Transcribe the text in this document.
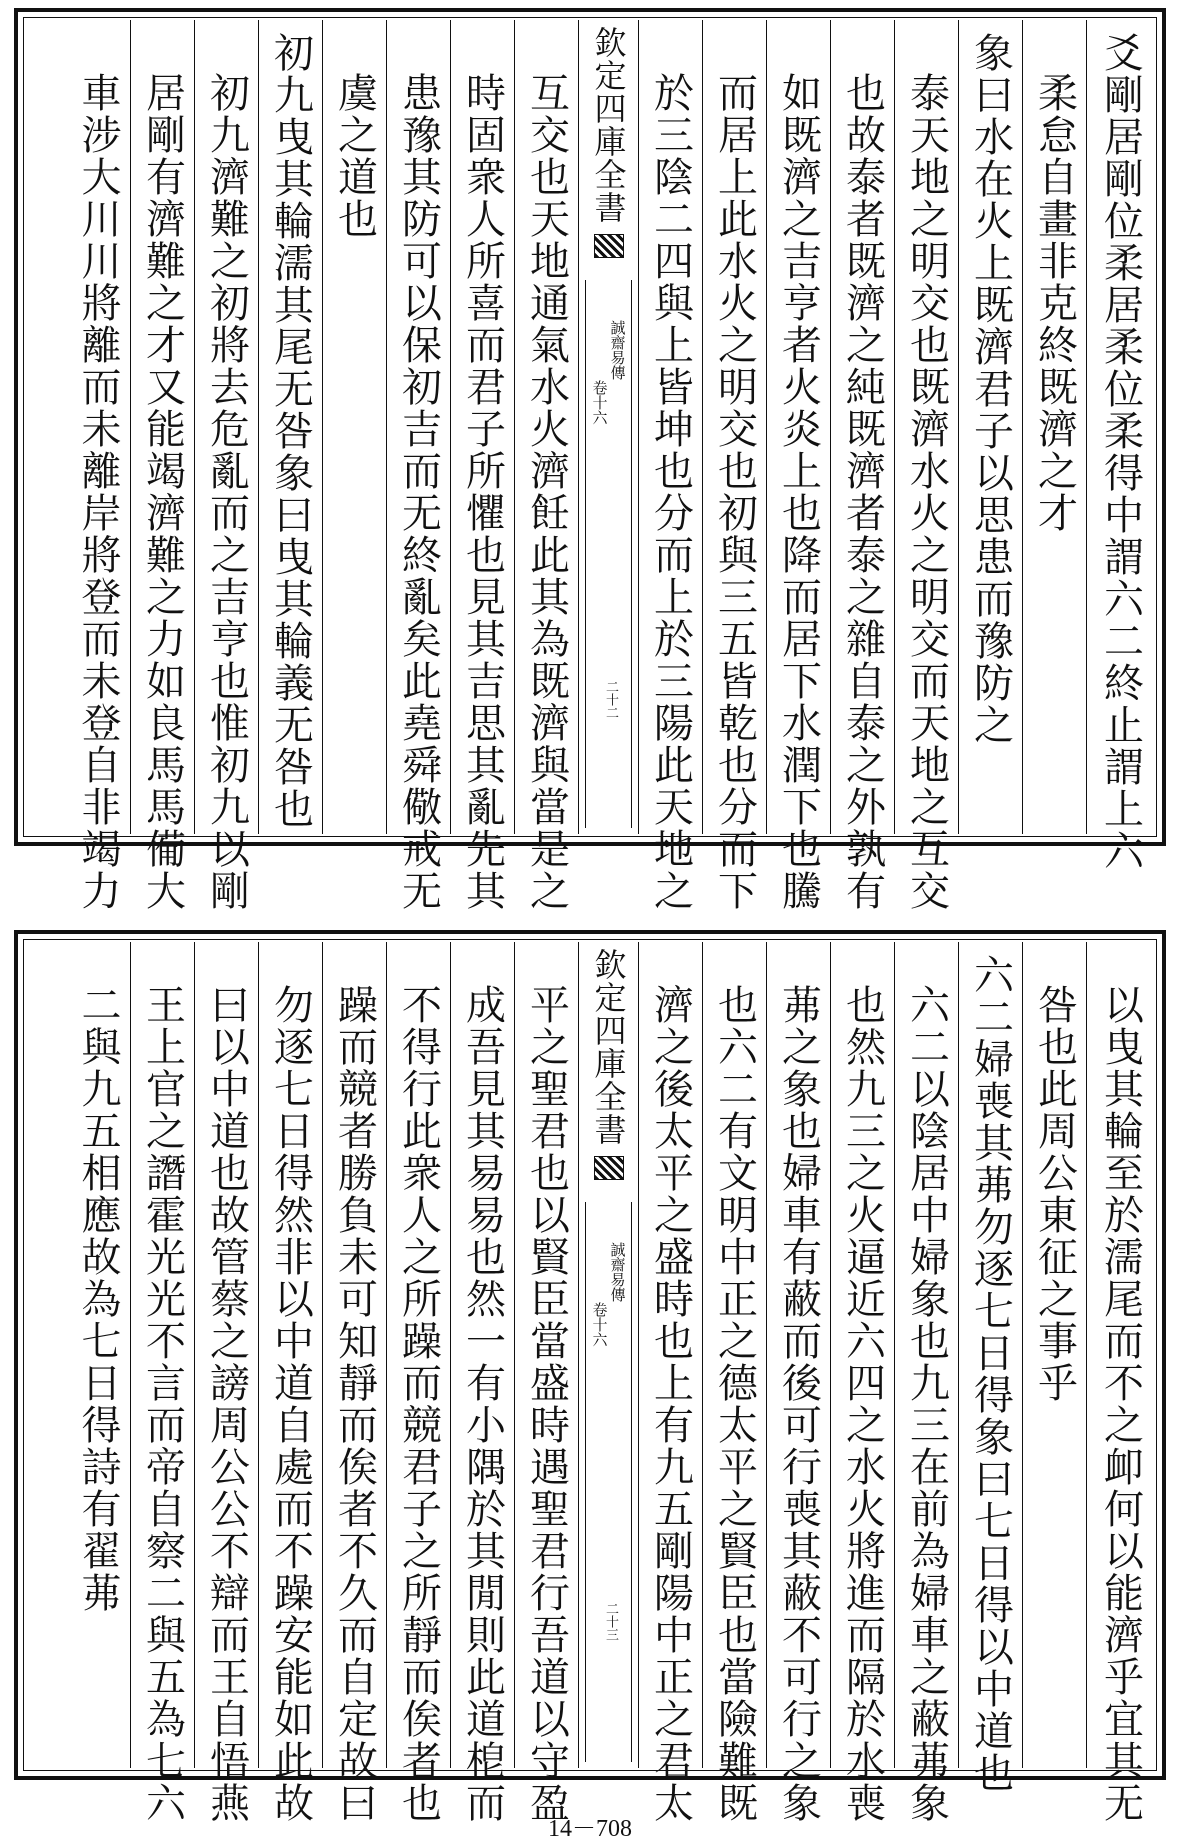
爻剛居剛位柔居柔位柔得中謂六二終止謂上六
柔怠自畫非克終既濟之才
象曰水在火上既濟君子以思患而豫防之
泰天地之明交也既濟水火之明交而天地之互交
也故泰者既濟之純既濟者泰之雜自泰之外孰有
如既濟之吉亨者火炎上也降而居下水潤下也騰
而居上此水火之明交也初與三五皆乾也分而下
於三陰二四與上皆坤也分而上於三陽此天地之
欽定四庫全書
誠齋易傳
卷十六
二十二
互交也天地通氣水火濟飪此其為既濟與當是之
時固衆人所喜而君子所懼也見其吉思其亂先其
患豫其防可以保初吉而无終亂矣此堯舜儆戒无
虞之道也
初九曳其輪濡其尾无咎象曰曳其輪義无咎也
初九濟難之初將去危亂而之吉亨也惟初九以剛
居剛有濟難之才又能竭濟難之力如良馬馬僃大
車涉大川川將離而未離岸將登而未登自非竭力
以曳其輪至於濡尾而不之卹何以能濟乎宜其无
咎也此周公東征之事乎
六二婦喪其茀勿逐七日得象曰七日得以中道也
六二以陰居中婦象也九三在前為婦車之蔽茀象
也然九三之火逼近六四之水火將進而隔於水喪
茀之象也婦車有蔽而後可行喪其蔽不可行之象
也六二有文明中正之德太平之賢臣也當險難既
濟之後太平之盛時也上有九五剛陽中正之君太
欽定四庫全書
誠齋易傳
卷十六
二十三
平之聖君也以賢臣當盛時遇聖君行吾道以守盈
成吾見其易易也然一有小隅於其閒則此道梎而
不得行此衆人之所躁而競君子之所靜而俟者也
躁而競者勝負未可知靜而俟者不久而自定故曰
勿逐七日得然非以中道自處而不躁安能如此故
曰以中道也故管蔡之謗周公公不辯而王自悟燕
王上官之譖霍光光不言而帝自察二與五為七六
二與九五相應故為七日得詩有翟茀
14－708
